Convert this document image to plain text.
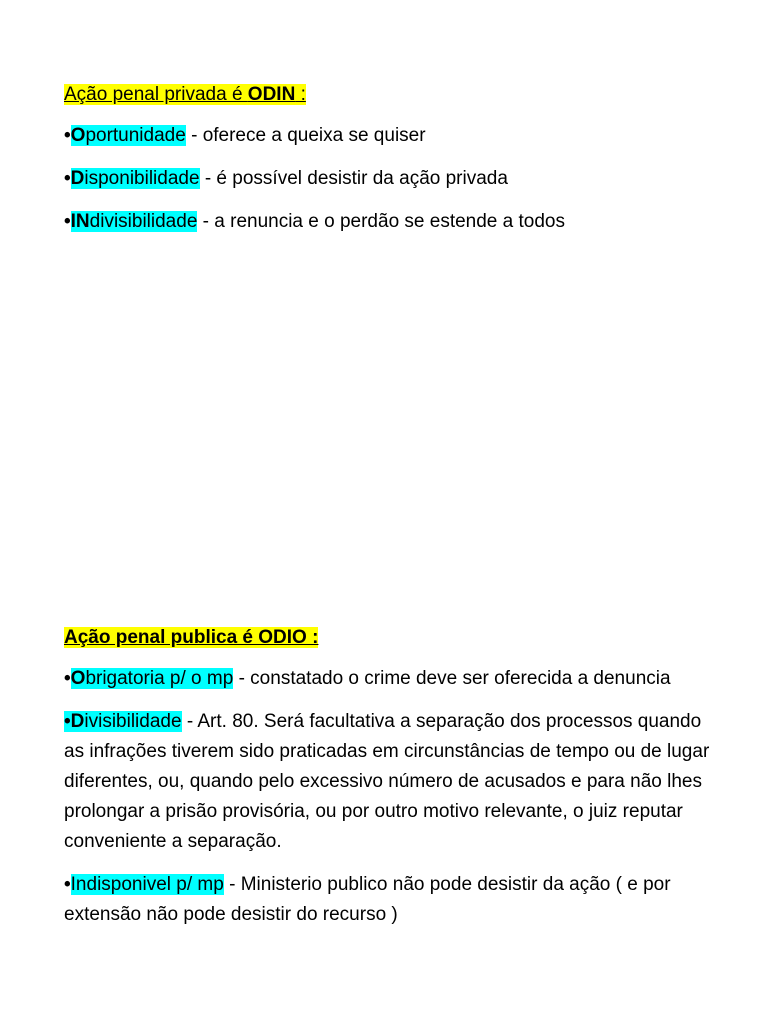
Ação penal privada é ODIN :

•Oportunidade - oferece a queixa se quiser

•Disponibilidade - é possível desistir da ação privada

•INdivisibilidade - a renuncia e o perdão se estende a todos

Ação penal publica é ODIO :

•Obrigatoria p/ o mp - constatado o crime deve ser oferecida a denuncia

•Divisibilidade - Art. 80. Será facultativa a separação dos processos quando as infrações tiverem sido praticadas em circunstâncias de tempo ou de lugar diferentes, ou, quando pelo excessivo número de acusados e para não lhes prolongar a prisão provisória, ou por outro motivo relevante, o juiz reputar conveniente a separação.

•Indisponivel p/ mp - Ministerio publico não pode desistir da ação ( e por extensão não pode desistir do recurso )
